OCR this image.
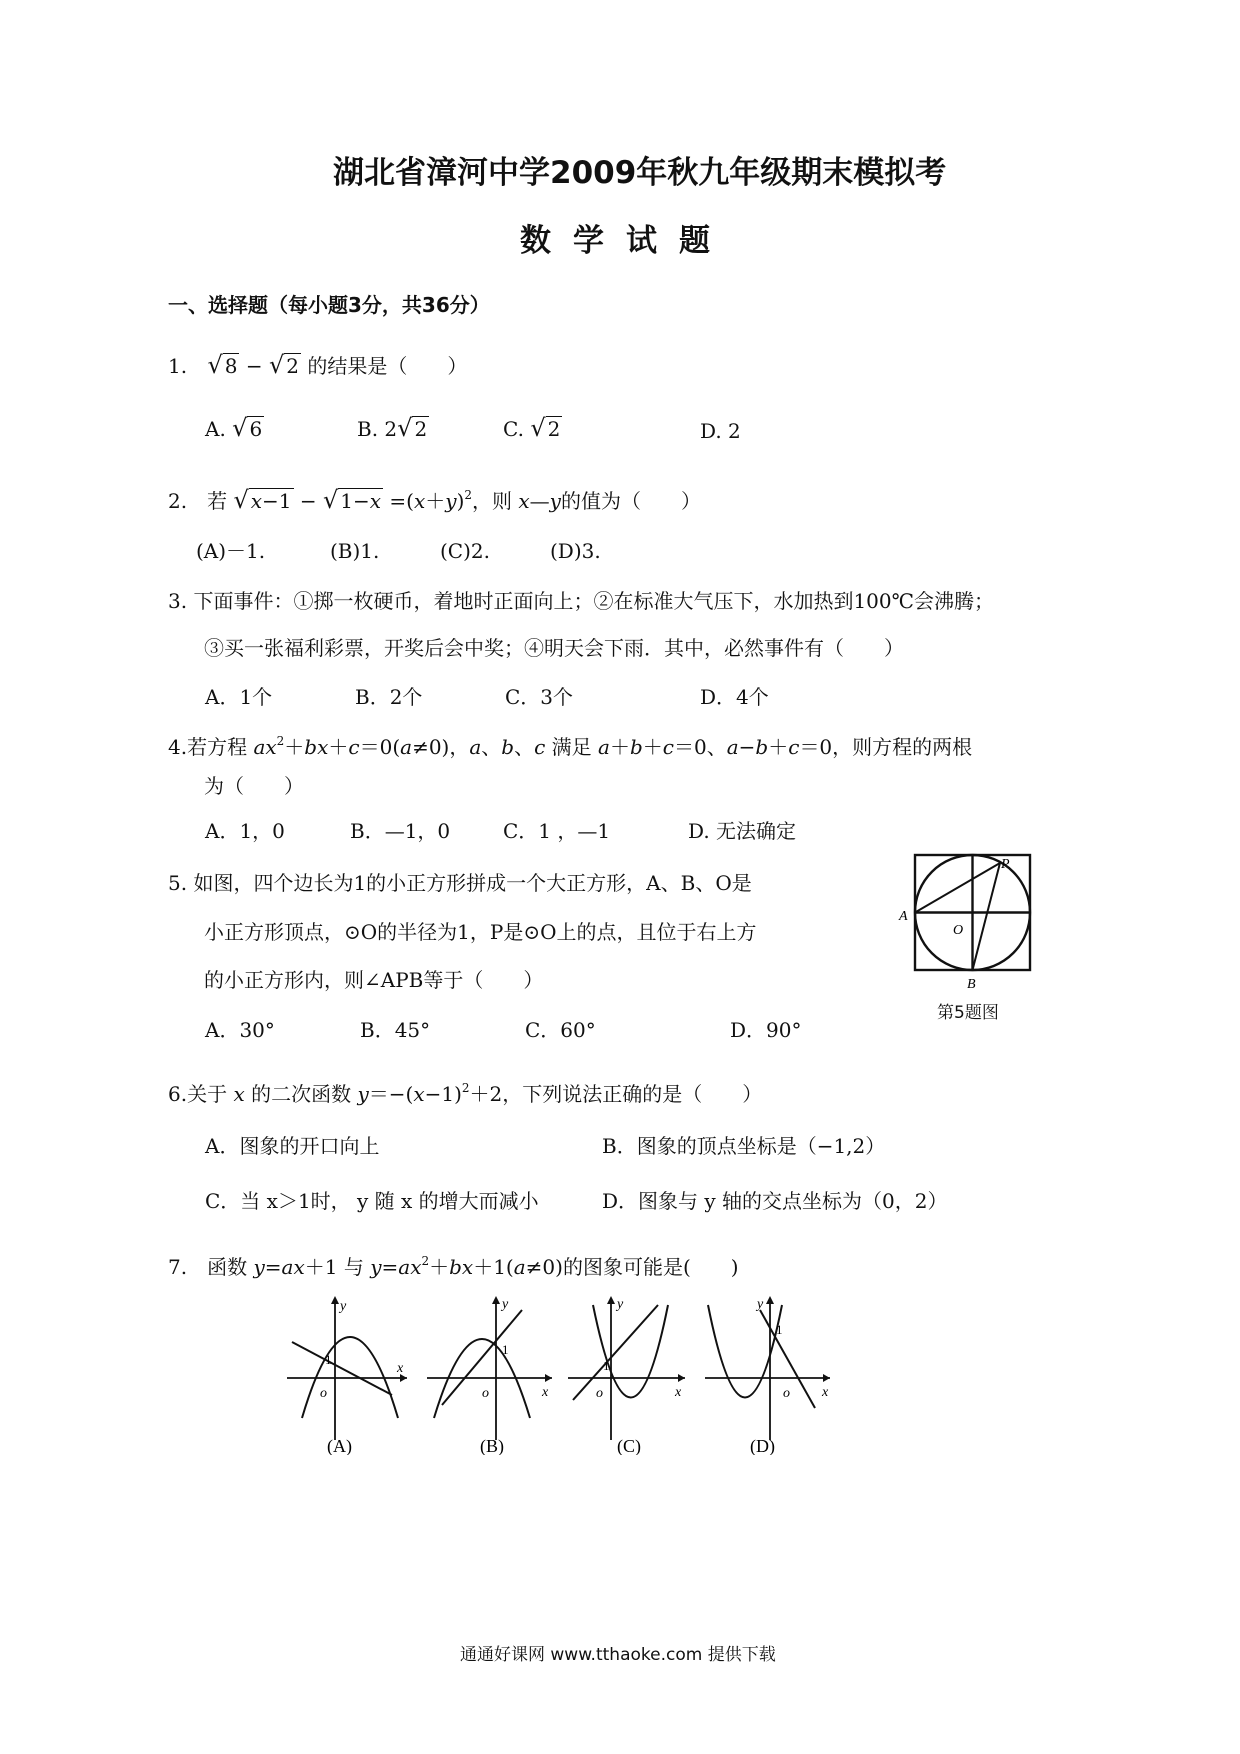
湖北省漳河中学2009年秋九年级期末模拟考
数学试题
一、选择题（每小题3分，共36分）
1. √ 8 − √ 2 的结果是（　　）
A. √ 6	B. 2√ 2	C. √ 2	D. 2
2.　若 √ x−1 − √ $1-x =(x+y)^2$，则 x—y的值为（　　）
(A)－1.	(B)1.	(C)2.	(D)3.
3. 下面事件：①掷一枚硬币，着地时正面向上；②在标准大气压下，水加热到100℃会沸腾；
③买一张福利彩票，开奖后会中奖；④明天会下雨．其中，必然事件有（　　）
A．1个	B．2个	C．3个	D．4个
4.若方程 $ax^2+bx+c=0(a\ne 0)$，a、b、c 满足 a＋b＋c＝0、a−b＋c＝0，则方程的两根
为（　　）
A．1，0	B．—1，0	C．1 ，—1	D. 无法确定
5. 如图，四个边长为1的小正方形拼成一个大正方形，A、B、O是
小正方形顶点，⊙O的半径为1，P是⊙O上的点，且位于右上方
的小正方形内，则∠APB等于（　　）
A．30°	B．45°	C．60°	D．90°
A
P
O
B
第5题图
6.关于 x 的二次函数 $y=-(x-1)^2+2$，下列说法正确的是（　　）
A．图象的开口向上	B．图象的顶点坐标是（−1,2）
C．当 x＞1时， y 随 x 的增大而减小	D．图象与 y 轴的交点坐标为（0，2）
7.　函数 y=ax＋1 与 $y=ax^2+bx+1(a\ne 0)$的图象可能是(　　)
x
y
o
1
(A)
x
y
o
1
(B)
x
y
o
1
(C)
x
y
o
1
(D)
通通好课网 www.tthaoke.com 提供下载
